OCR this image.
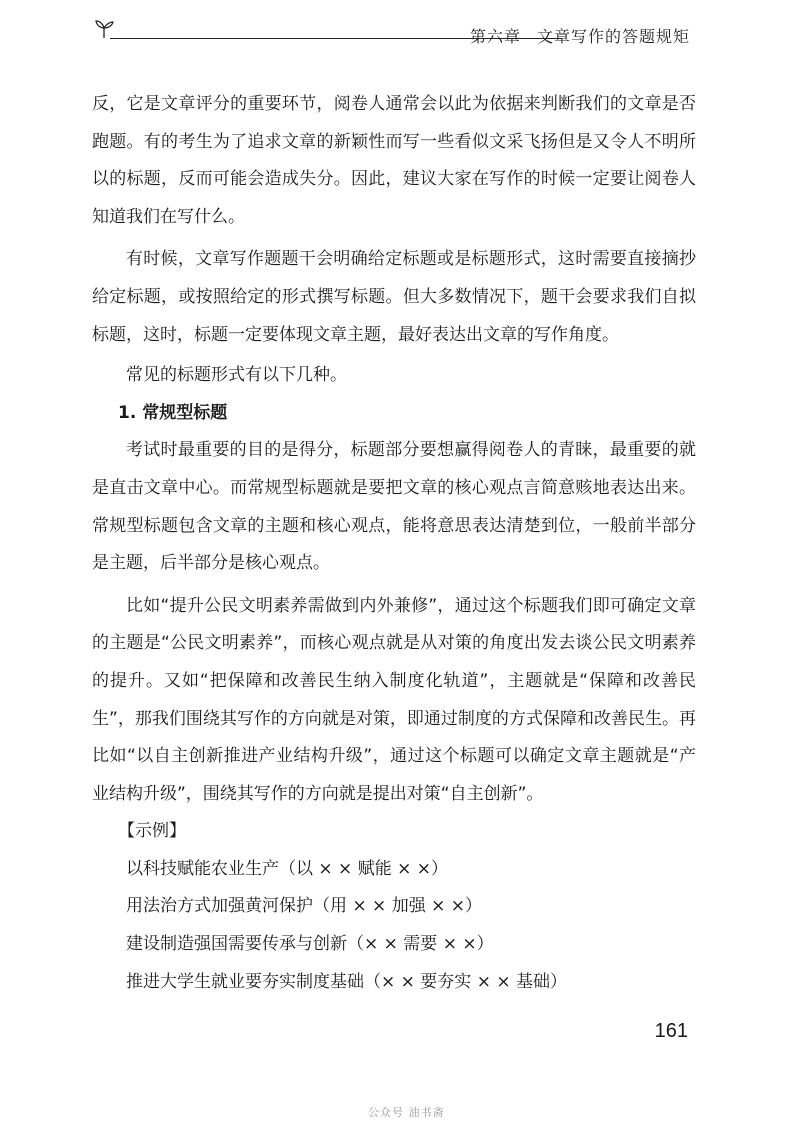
第六章 文章写作的答题规矩

反，它是文章评分的重要环节，阅卷人通常会以此为依据来判断我们的文章是否跑题。有的考生为了追求文章的新颖性而写一些看似文采飞扬但是又令人不明所以的标题，反而可能会造成失分。因此，建议大家在写作的时候一定要让阅卷人知道我们在写什么。

有时候，文章写作题题干会明确给定标题或是标题形式，这时需要直接摘抄给定标题，或按照给定的形式撰写标题。但大多数情况下，题干会要求我们自拟标题，这时，标题一定要体现文章主题，最好表达出文章的写作角度。

常见的标题形式有以下几种。

1. 常规型标题

考试时最重要的目的是得分，标题部分要想赢得阅卷人的青睐，最重要的就是直击文章中心。而常规型标题就是要把文章的核心观点言简意赅地表达出来。常规型标题包含文章的主题和核心观点，能将意思表达清楚到位，一般前半部分是主题，后半部分是核心观点。

比如“提升公民文明素养需做到内外兼修”，通过这个标题我们即可确定文章的主题是“公民文明素养”，而核心观点就是从对策的角度出发去谈公民文明素养的提升。又如“把保障和改善民生纳入制度化轨道”，主题就是“保障和改善民生”，那我们围绕其写作的方向就是对策，即通过制度的方式保障和改善民生。再比如“以自主创新推进产业结构升级”，通过这个标题可以确定文章主题就是“产业结构升级”，围绕其写作的方向就是提出对策“自主创新”。

【示例】

以科技赋能农业生产（以 × × 赋能 × ×）

用法治方式加强黄河保护（用 × × 加强 × ×）

建设制造强国需要传承与创新（× × 需要 × ×）

推进大学生就业要夯实制度基础（× × 要夯实 × × 基础）

161
公众号 油书斋
